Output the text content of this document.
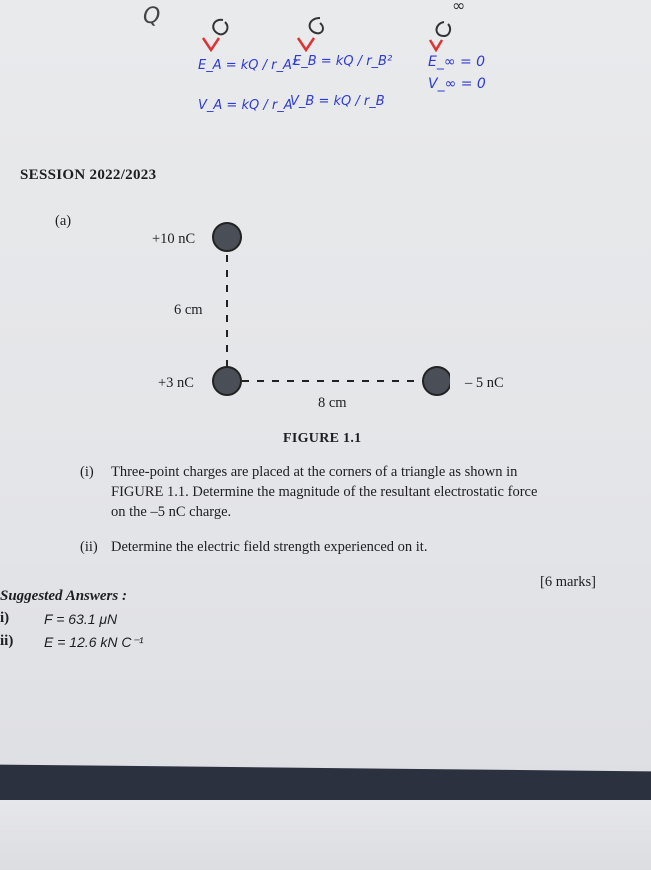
Q	∞
E_A = kQ / r_A²
E_B = kQ / r_B²	E_∞ = 0
V_A = kQ / r_A
V_B = kQ / r_B
V_∞ = 0
SESSION 2022/2023
(a)
+10 nC
6 cm
+3 nC	– 5 nC
8 cm
FIGURE 1.1
(i) Three-point charges are placed at the corners of a triangle as shown in
FIGURE 1.1. Determine the magnitude of the resultant electrostatic force
on the –5 nC charge.
(ii) Determine the electric field strength experienced on it.
[6 marks]
Suggested Answers :
i) F = 63.1 μN
ii) E = 12.6 kN C⁻¹
